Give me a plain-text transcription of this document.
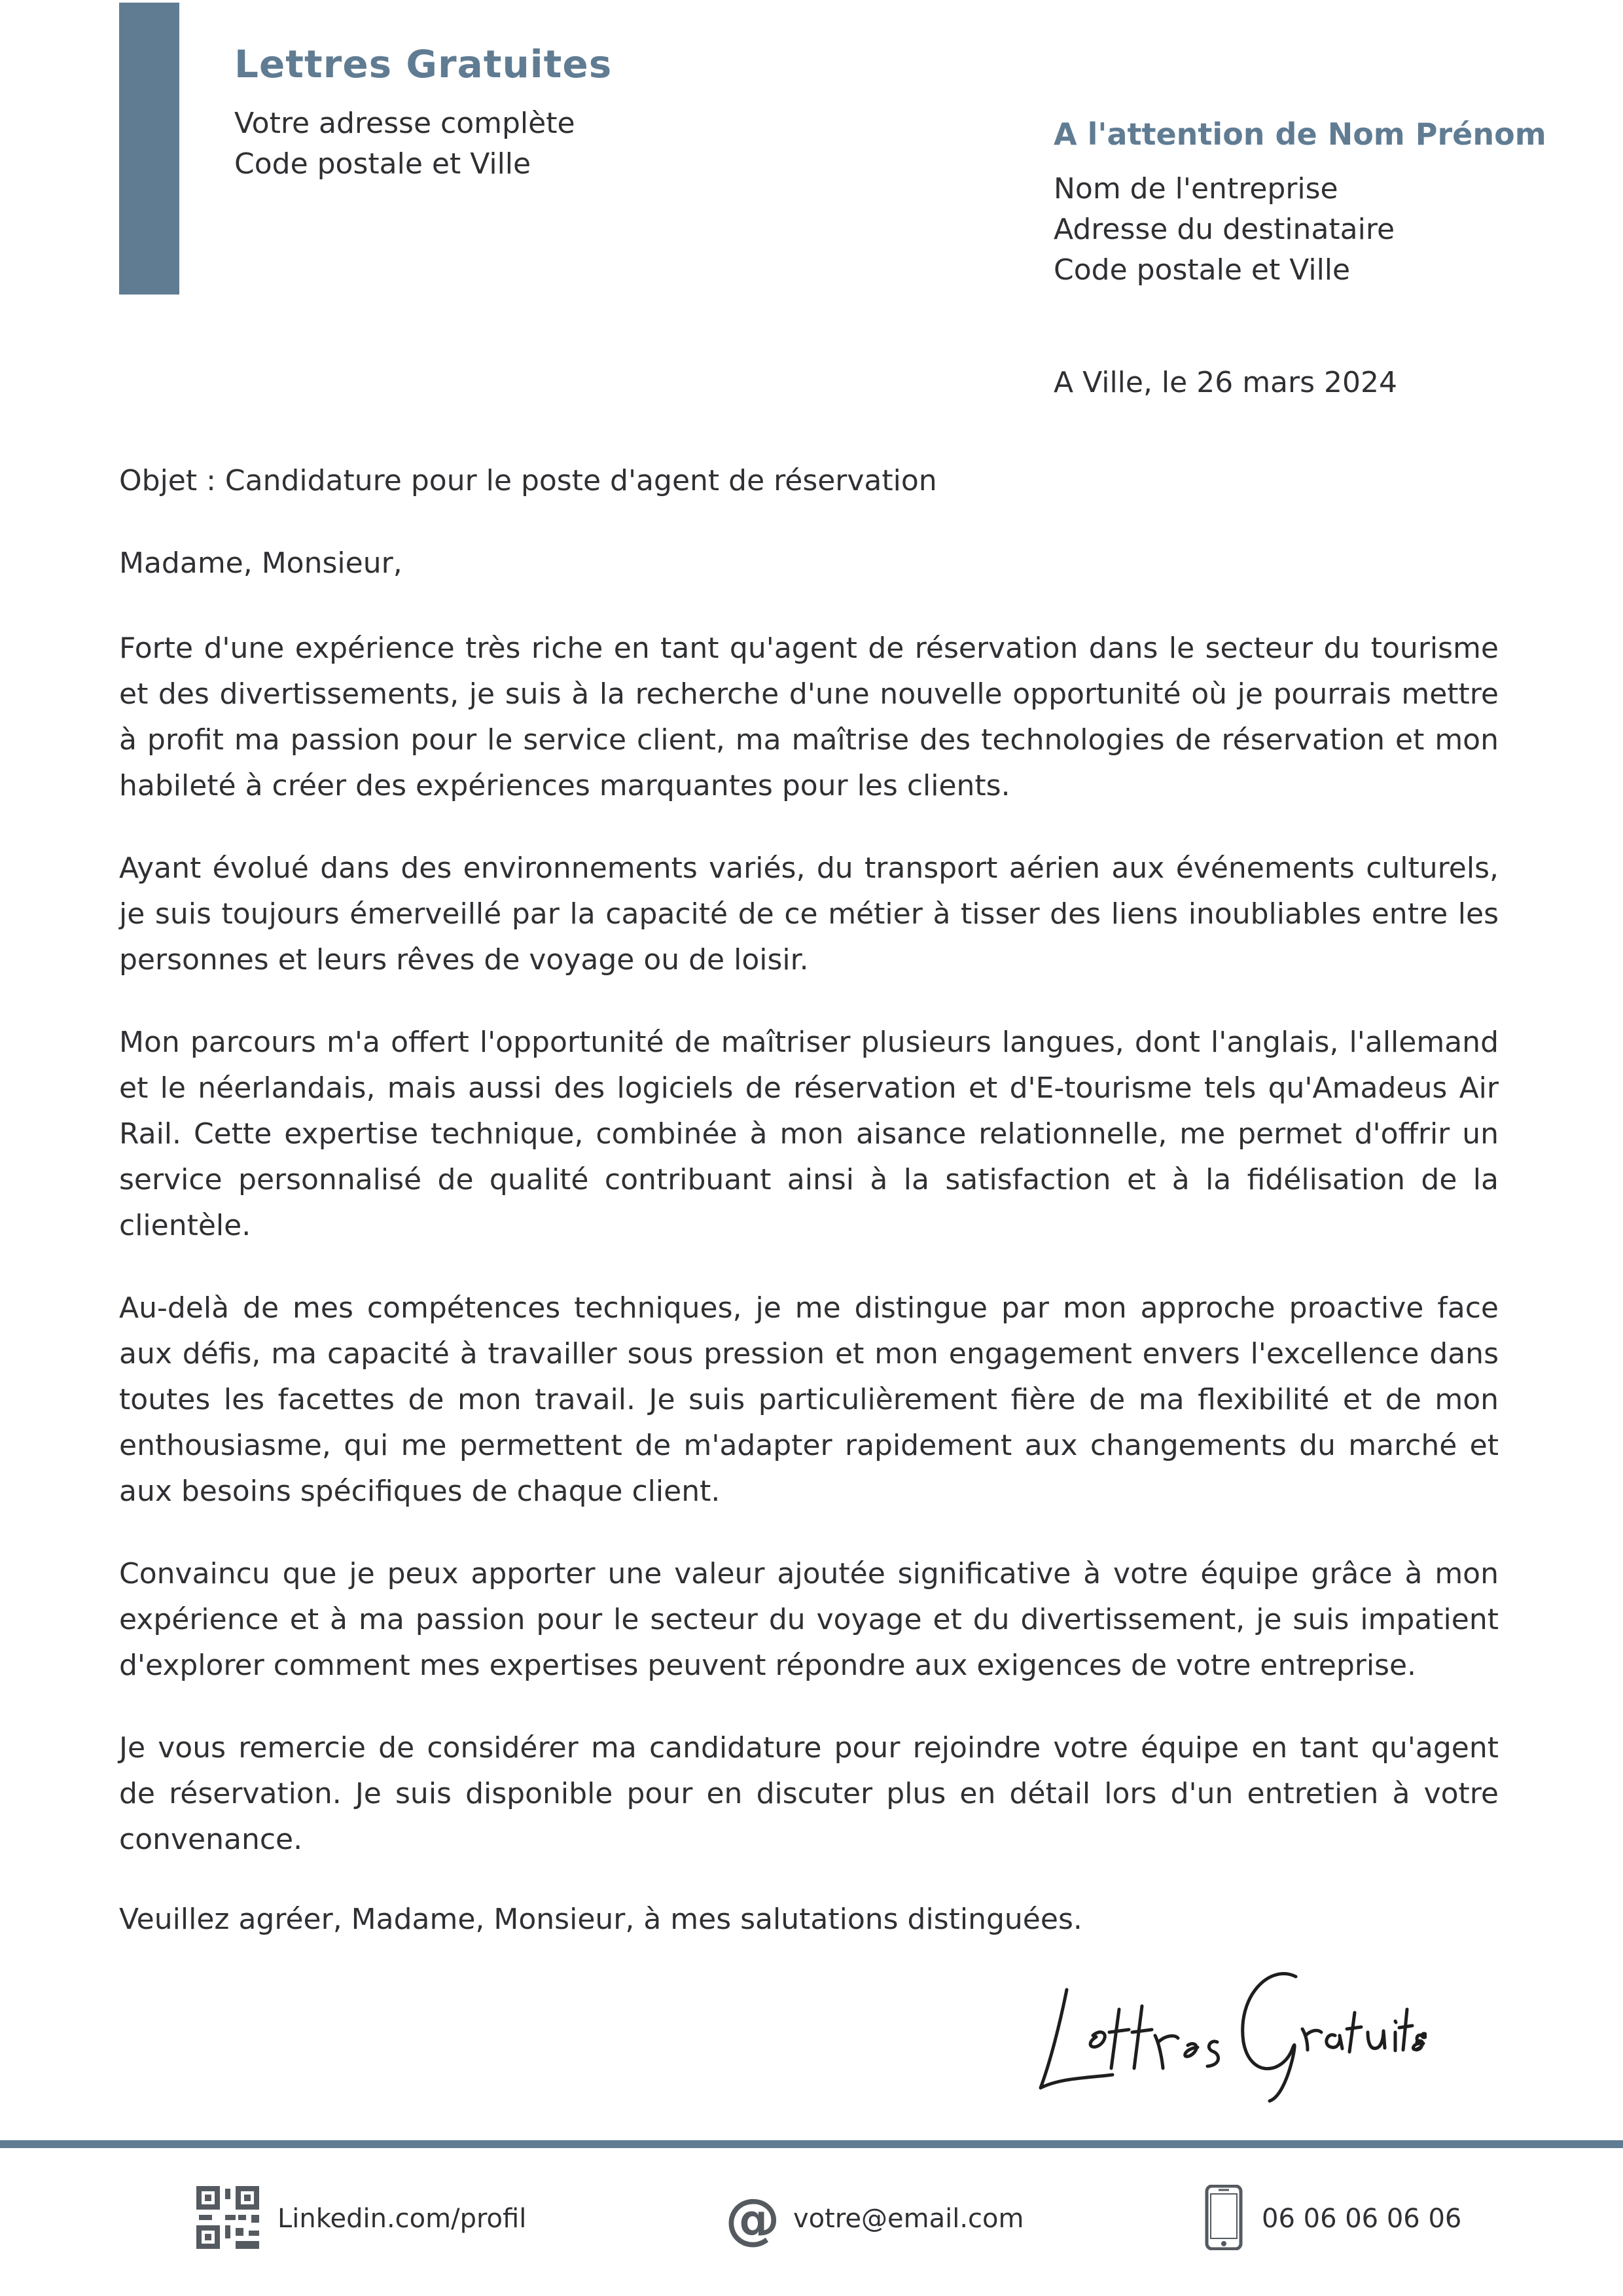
Lettres Gratuites
Votre adresse complète
Code postale et Ville
A l'attention de Nom Prénom
Nom de l'entreprise
Adresse du destinataire
Code postale et Ville
A Ville, le 26 mars 2024

Objet : Candidature pour le poste d'agent de réservation

Madame, Monsieur,

Forte d'une expérience très riche en tant qu'agent de réservation dans le secteur du tourisme et des divertissements, je suis à la recherche d'une nouvelle opportunité où je pourrais mettre à profit ma passion pour le service client, ma maîtrise des technologies de réservation et mon habileté à créer des expériences marquantes pour les clients.

Ayant évolué dans des environnements variés, du transport aérien aux événements culturels, je suis toujours émerveillé par la capacité de ce métier à tisser des liens inoubliables entre les personnes et leurs rêves de voyage ou de loisir.

Mon parcours m'a offert l'opportunité de maîtriser plusieurs langues, dont l'anglais, l'allemand et le néerlandais, mais aussi des logiciels de réservation et d'E-tourisme tels qu'Amadeus Air Rail. Cette expertise technique, combinée à mon aisance relationnelle, me permet d'offrir un service personnalisé de qualité contribuant ainsi à la satisfaction et à la fidélisation de la clientèle.

Au-delà de mes compétences techniques, je me distingue par mon approche proactive face aux défis, ma capacité à travailler sous pression et mon engagement envers l'excellence dans toutes les facettes de mon travail. Je suis particulièrement fière de ma flexibilité et de mon enthousiasme, qui me permettent de m'adapter rapidement aux changements du marché et aux besoins spécifiques de chaque client.

Convaincu que je peux apporter une valeur ajoutée significative à votre équipe grâce à mon expérience et à ma passion pour le secteur du voyage et du divertissement, je suis impatient d'explorer comment mes expertises peuvent répondre aux exigences de votre entreprise.

Je vous remercie de considérer ma candidature pour rejoindre votre équipe en tant qu'agent de réservation. Je suis disponible pour en discuter plus en détail lors d'un entretien à votre convenance.

Veuillez agréer, Madame, Monsieur, à mes salutations distinguées.

Linkedin.com/profil	@ votre@email.com	06 06 06 06 06
